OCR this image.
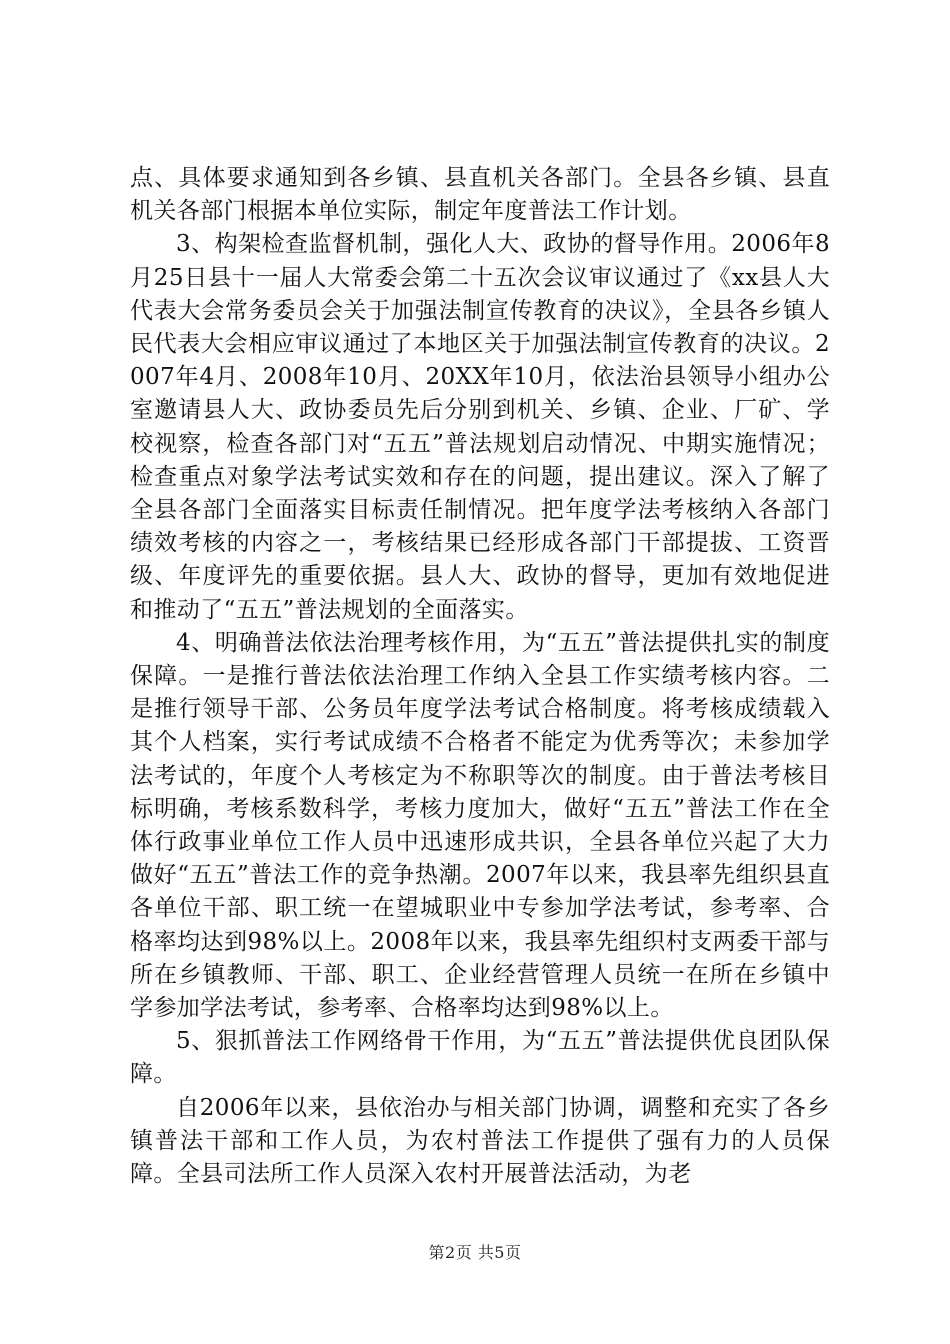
点、具体要求通知到各乡镇、县直机关各部门。全县各乡镇、县直机关各部门根据本单位实际，制定年度普法工作计划。

3、构架检查监督机制，强化人大、政协的督导作用。2006年8月25日县十一届人大常委会第二十五次会议审议通过了《xx县人大代表大会常务委员会关于加强法制宣传教育的决议》，全县各乡镇人民代表大会相应审议通过了本地区关于加强法制宣传教育的决议。2007年4月、2008年10月、20XX年10月，依法治县领导小组办公室邀请县人大、政协委员先后分别到机关、乡镇、企业、厂矿、学校视察，检查各部门对“五五”普法规划启动情况、中期实施情况；检查重点对象学法考试实效和存在的问题，提出建议。深入了解了全县各部门全面落实目标责任制情况。把年度学法考核纳入各部门绩效考核的内容之一，考核结果已经形成各部门干部提拔、工资晋级、年度评先的重要依据。县人大、政协的督导，更加有效地促进和推动了“五五”普法规划的全面落实。

4、明确普法依法治理考核作用，为“五五”普法提供扎实的制度保障。一是推行普法依法治理工作纳入全县工作实绩考核内容。二是推行领导干部、公务员年度学法考试合格制度。将考核成绩载入其个人档案，实行考试成绩不合格者不能定为优秀等次；未参加学法考试的，年度个人考核定为不称职等次的制度。由于普法考核目标明确，考核系数科学，考核力度加大，做好“五五”普法工作在全体行政事业单位工作人员中迅速形成共识，全县各单位兴起了大力做好“五五”普法工作的竞争热潮。2007年以来，我县率先组织县直各单位干部、职工统一在望城职业中专参加学法考试，参考率、合格率均达到98%以上。2008年以来，我县率先组织村支两委干部与所在乡镇教师、干部、职工、企业经营管理人员统一在所在乡镇中学参加学法考试，参考率、合格率均达到98%以上。

5、狠抓普法工作网络骨干作用，为“五五”普法提供优良团队保障。

自2006年以来，县依治办与相关部门协调，调整和充实了各乡镇普法干部和工作人员，为农村普法工作提供了强有力的人员保障。全县司法所工作人员深入农村开展普法活动，为老

第2页 共5页
